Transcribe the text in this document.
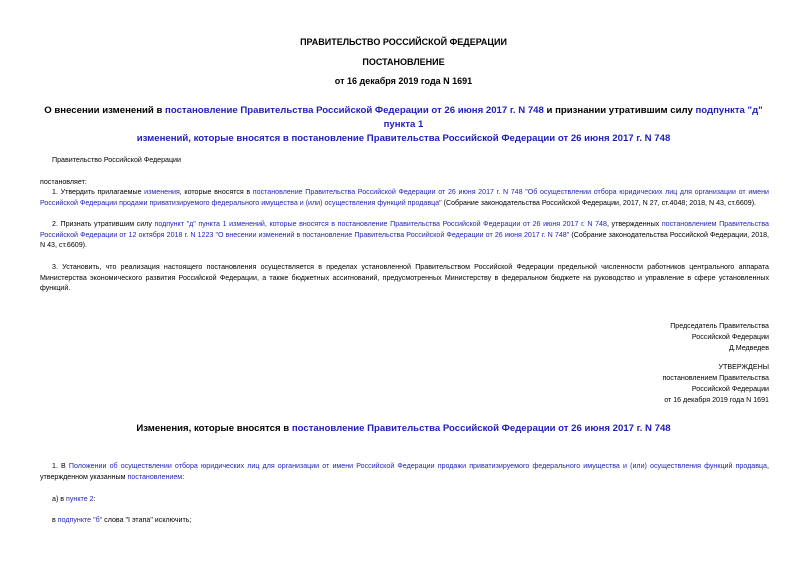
ПРАВИТЕЛЬСТВО РОССИЙСКОЙ ФЕДЕРАЦИИ
ПОСТАНОВЛЕНИЕ
от 16 декабря 2019 года N 1691
О внесении изменений в постановление Правительства Российской Федерации от 26 июня 2017 г. N 748 и признании утратившим силу подпункта "д" пункта 1
изменений, которые вносятся в постановление Правительства Российской Федерации от 26 июня 2017 г. N 748
Правительство Российской Федерации
постановляет:
1. Утвердить прилагаемые изменения, которые вносятся в постановление Правительства Российской Федерации от 26 июня 2017 г. N 748 "Об осуществлении отбора юридических лиц для организации от имени Российской Федерации продажи приватизируемого федерального имущества и (или) осуществления функций продавца" (Собрание законодательства Российской Федерации, 2017, N 27, ст.4048; 2018, N 43, ст.6609).
2. Признать утратившим силу подпункт "д" пункта 1 изменений, которые вносятся в постановление Правительства Российской Федерации от 26 июня 2017 г. N 748, утвержденных постановлением Правительства Российской Федерации от 12 октября 2018 г. N 1223 "О внесении изменений в постановление Правительства Российской Федерации от 26 июня 2017 г. N 748" (Собрание законодательства Российской Федерации, 2018, N 43, ст.6609).
3. Установить, что реализация настоящего постановления осуществляется в пределах установленной Правительством Российской Федерации предельной численности работников центрального аппарата Министерства экономического развития Российской Федерации, а также бюджетных ассигнований, предусмотренных Министерству в федеральном бюджете на руководство и управление в сфере установленных функций.
Председатель Правительства
Российской Федерации
Д.Медведев
УТВЕРЖДЕНЫ
постановлением Правительства
Российской Федерации
от 16 декабря 2019 года N 1691
Изменения, которые вносятся в постановление Правительства Российской Федерации от 26 июня 2017 г. N 748
1. В Положении об осуществлении отбора юридических лиц для организации от имени Российской Федерации продажи приватизируемого федерального имущества и (или) осуществления функций продавца, утвержденном указанным постановлением:
а) в пункте 2:
в подпункте "б" слова "I этапа" исключить;
